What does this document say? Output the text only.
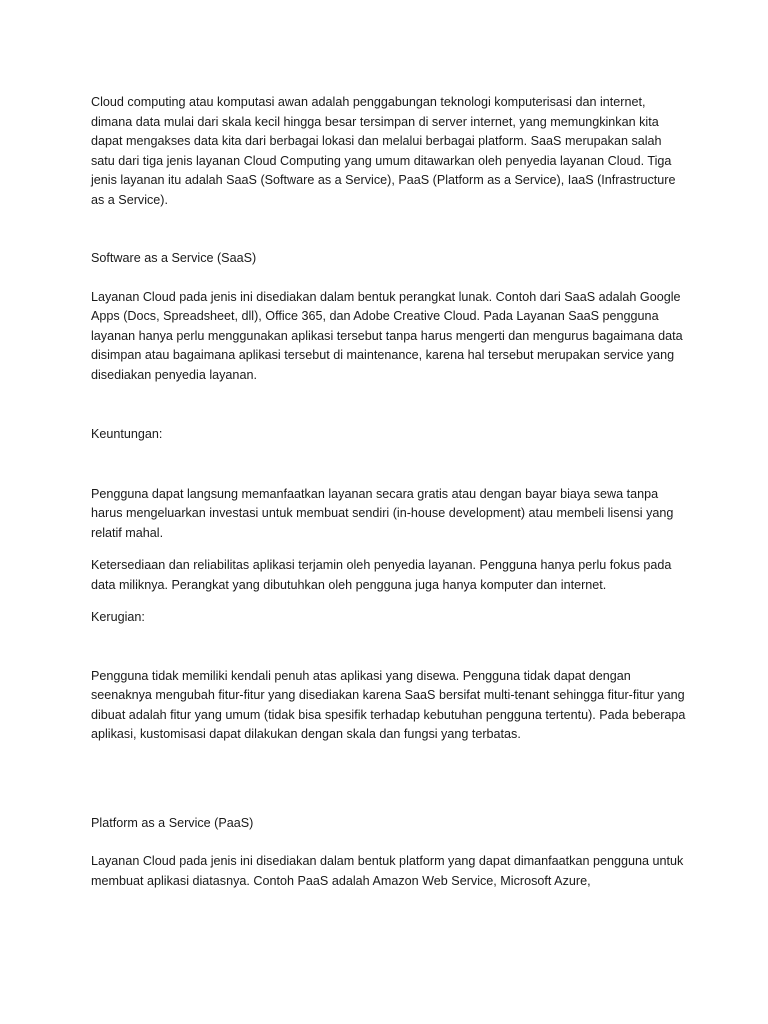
Cloud computing atau komputasi awan adalah penggabungan teknologi komputerisasi dan internet, dimana data mulai dari skala kecil hingga besar tersimpan di server internet, yang memungkinkan kita dapat mengakses data kita dari berbagai lokasi dan melalui berbagai platform. SaaS merupakan salah satu dari tiga jenis layanan Cloud Computing yang umum ditawarkan oleh penyedia layanan Cloud. Tiga jenis layanan itu adalah SaaS (Software as a Service), PaaS (Platform as a Service), IaaS (Infrastructure as a Service).

Software as a Service (SaaS)

Layanan Cloud pada jenis ini disediakan dalam bentuk perangkat lunak. Contoh dari SaaS adalah Google Apps (Docs, Spreadsheet, dll), Office 365, dan Adobe Creative Cloud. Pada Layanan SaaS pengguna layanan hanya perlu menggunakan aplikasi tersebut tanpa harus mengerti dan mengurus bagaimana data disimpan atau bagaimana aplikasi tersebut di maintenance, karena hal tersebut merupakan service yang disediakan penyedia layanan.

Keuntungan:

Pengguna dapat langsung memanfaatkan layanan secara gratis atau dengan bayar biaya sewa tanpa harus mengeluarkan investasi untuk membuat sendiri (in-house development) atau membeli lisensi yang relatif mahal.

Ketersediaan dan reliabilitas aplikasi terjamin oleh penyedia layanan. Pengguna hanya perlu fokus pada data miliknya. Perangkat yang dibutuhkan oleh pengguna juga hanya komputer dan internet.

Kerugian:

Pengguna tidak memiliki kendali penuh atas aplikasi yang disewa. Pengguna tidak dapat dengan seenaknya mengubah fitur-fitur yang disediakan karena SaaS bersifat multi-tenant sehingga fitur-fitur yang dibuat adalah fitur yang umum (tidak bisa spesifik terhadap kebutuhan pengguna tertentu). Pada beberapa aplikasi, kustomisasi dapat dilakukan dengan skala dan fungsi yang terbatas.

Platform as a Service (PaaS)

Layanan Cloud pada jenis ini disediakan dalam bentuk platform yang dapat dimanfaatkan pengguna untuk membuat aplikasi diatasnya. Contoh PaaS adalah Amazon Web Service, Microsoft Azure,
